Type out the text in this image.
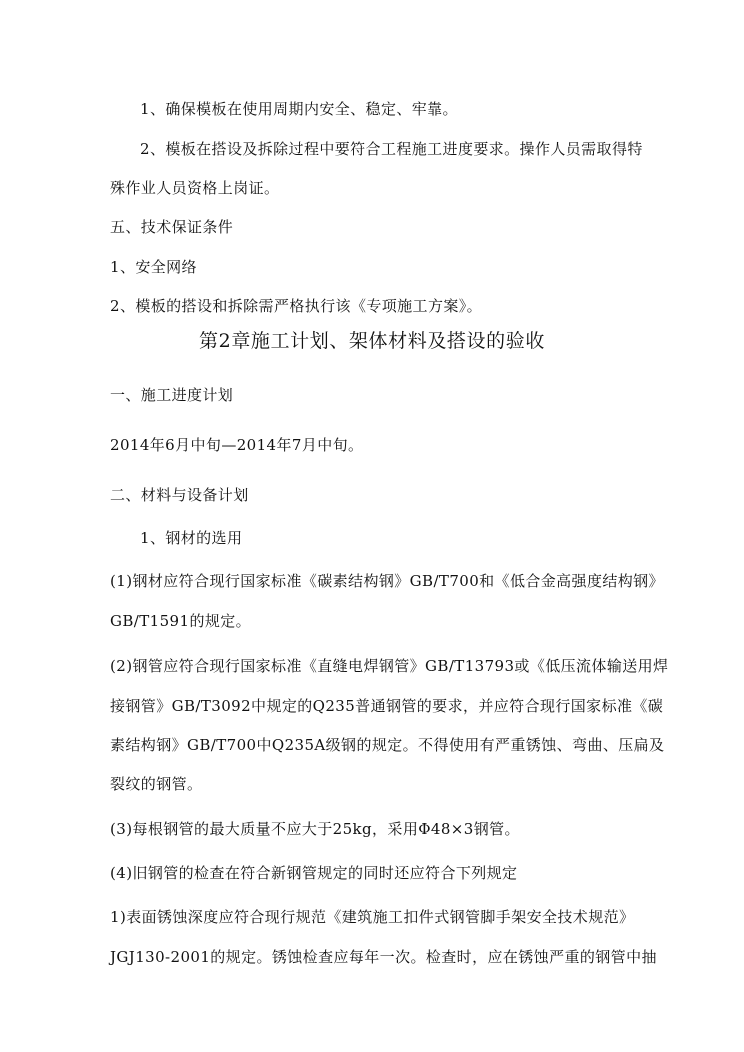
1、确保模板在使用周期内安全、稳定、牢靠。
2、模板在搭设及拆除过程中要符合工程施工进度要求。操作人员需取得特
殊作业人员资格上岗证。
五、技术保证条件
1、安全网络
2、模板的搭设和拆除需严格执行该《专项施工方案》。
第2章施工计划、架体材料及搭设的验收
一、施工进度计划
2014年6月中旬—2014年7月中旬。
二、材料与设备计划
1、钢材的选用
(1)钢材应符合现行国家标准《碳素结构钢》GB/T700和《低合金高强度结构钢》
GB/T1591的规定。
(2)钢管应符合现行国家标准《直缝电焊钢管》GB/T13793或《低压流体输送用焊
接钢管》GB/T3092中规定的Q235普通钢管的要求，并应符合现行国家标准《碳
素结构钢》GB/T700中Q235A级钢的规定。不得使用有严重锈蚀、弯曲、压扁及
裂纹的钢管。
(3)每根钢管的最大质量不应大于25kg，采用Φ48×3钢管。
(4)旧钢管的检查在符合新钢管规定的同时还应符合下列规定
1)表面锈蚀深度应符合现行规范《建筑施工扣件式钢管脚手架安全技术规范》
JGJ130-2001的规定。锈蚀检查应每年一次。检查时，应在锈蚀严重的钢管中抽
